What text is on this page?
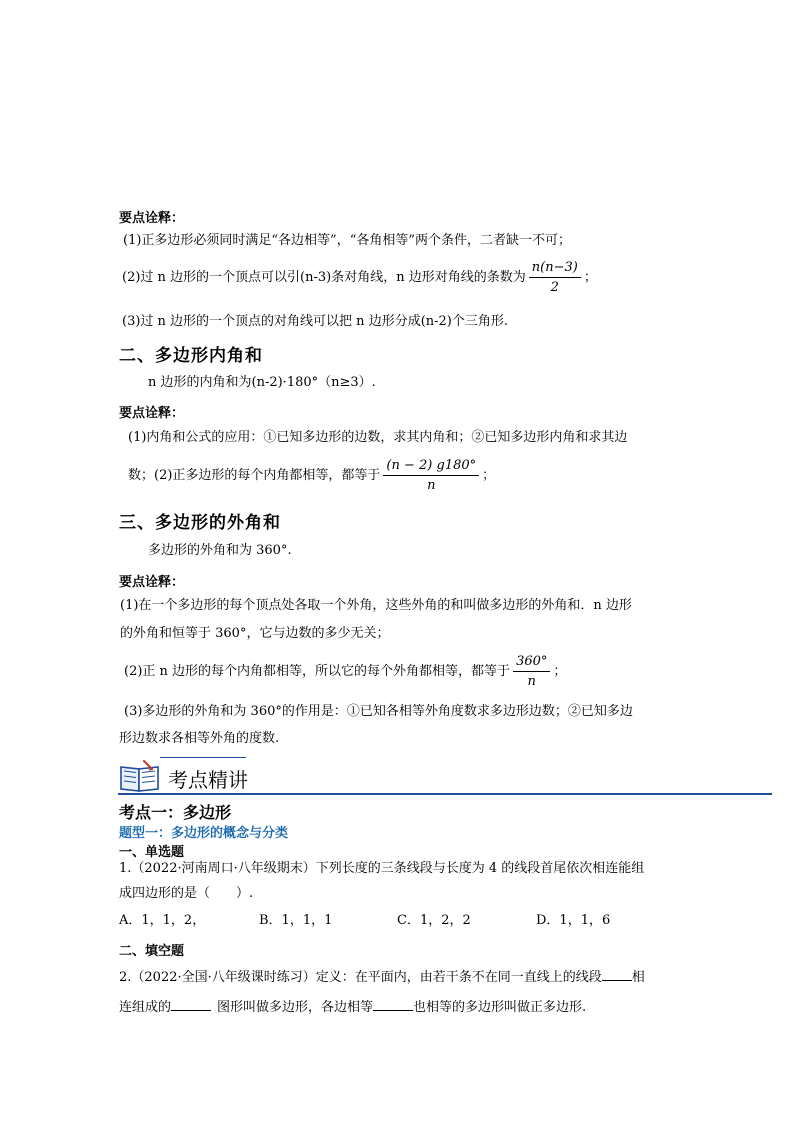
要点诠释：
(1)正多边形必须同时满足“各边相等”，“各角相等”两个条件，二者缺一不可；
(2)过 n 边形的一个顶点可以引(n-3)条对角线，n 边形对角线的条数为 $\frac{n(n-3)}{2}$ ；
(3)过 n 边形的一个顶点的对角线可以把 n 边形分成(n-2)个三角形.
二、多边形内角和
n 边形的内角和为(n-2)·180°（n≥3）.
要点诠释：
(1)内角和公式的应用：①已知多边形的边数，求其内角和；②已知多边形内角和求其边
数；(2)正多边形的每个内角都相等，都等于 $\frac{(n - 2) g180^\circ}{n}$ ；
三、多边形的外角和
多边形的外角和为 360°.
要点诠释：
(1)在一个多边形的每个顶点处各取一个外角，这些外角的和叫做多边形的外角和．n 边形
的外角和恒等于 360°，它与边数的多少无关；
(2)正 n 边形的每个内角都相等，所以它的每个外角都相等，都等于 $\frac{360^\circ}{n}$ ；
(3)多边形的外角和为 360°的作用是：①已知各相等外角度数求多边形边数；②已知多边
形边数求各相等外角的度数.
考点精讲
考点一：多边形
题型一：多边形的概念与分类
一、单选题
1.（2022·河南周口·八年级期末）下列长度的三条线段与长度为 4 的线段首尾依次相连能组
成四边形的是（　　）.
A．1，1，2，	B．1，1，1	C．1，2，2	D．1，1，6
二、填空题
2.（2022·全国·八年级课时练习）定义：在平面内，由若干条不在同一直线上的线段 相
连组成的	图形叫做多边形，各边相等	也相等的多边形叫做正多边形.
